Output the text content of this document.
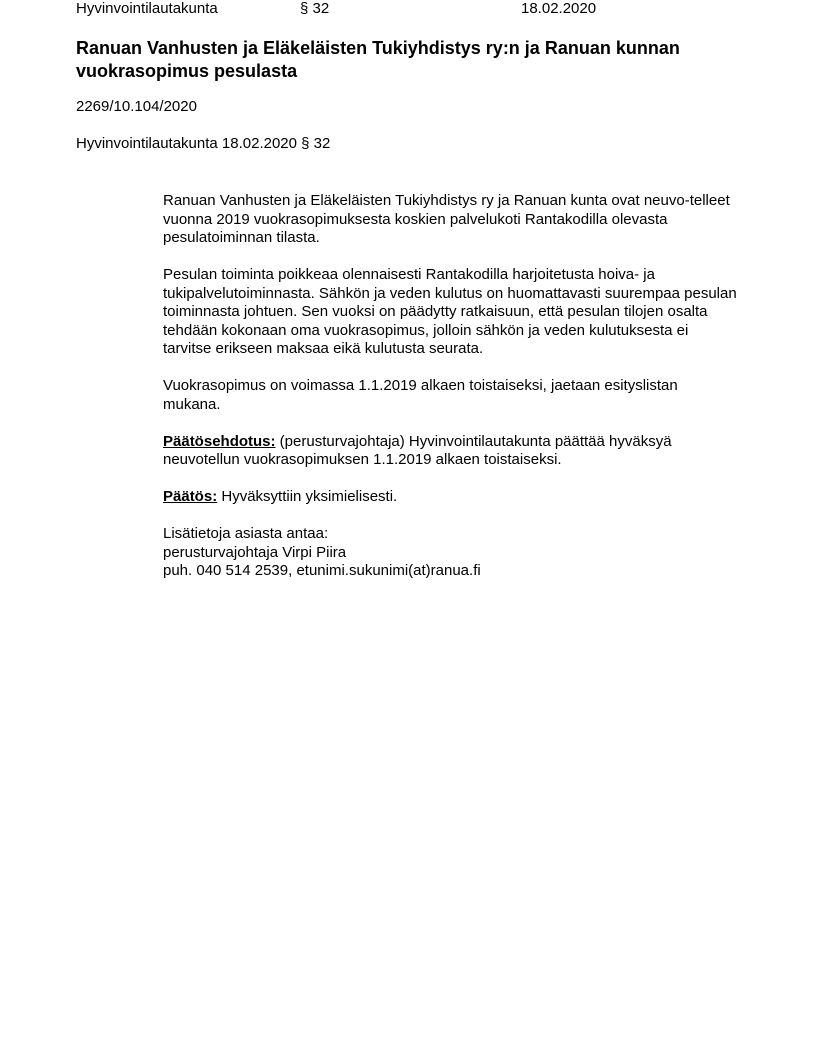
Hyvinvointilautakunta	§ 32	18.02.2020
Ranuan Vanhusten ja Eläkeläisten Tukiyhdistys ry:n ja Ranuan kunnan vuokrasopimus pesulasta
2269/10.104/2020
Hyvinvointilautakunta 18.02.2020 § 32

Ranuan Vanhusten ja Eläkeläisten Tukiyhdistys ry ja Ranuan kunta ovat neuvo-telleet vuonna 2019 vuokrasopimuksesta koskien palvelukoti Rantakodilla olevasta pesulatoiminnan tilasta.

Pesulan toiminta poikkeaa olennaisesti Rantakodilla harjoitetusta hoiva- ja tukipalvelutoiminnasta. Sähkön ja veden kulutus on huomattavasti suurempaa pesulan toiminnasta johtuen. Sen vuoksi on päädytty ratkaisuun, että pesulan tilojen osalta tehdään kokonaan oma vuokrasopimus, jolloin sähkön ja veden kulutuksesta ei tarvitse erikseen maksaa eikä kulutusta seurata.

Vuokrasopimus on voimassa 1.1.2019 alkaen toistaiseksi, jaetaan esityslistan mukana.

Päätösehdotus: (perusturvajohtaja) Hyvinvointilautakunta päättää hyväksyä neuvotellun vuokrasopimuksen 1.1.2019 alkaen toistaiseksi.

Päätös: Hyväksyttiin yksimielisesti.

Lisätietoja asiasta antaa:
perusturvajohtaja Virpi Piira
puh. 040 514 2539, etunimi.sukunimi(at)ranua.fi
